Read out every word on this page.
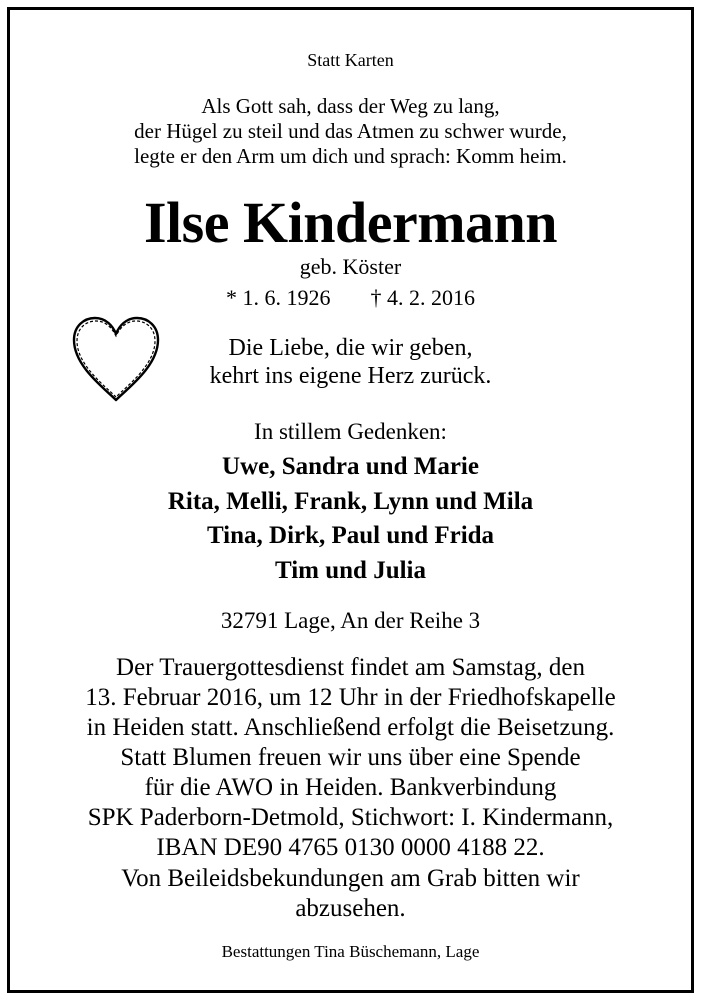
Statt Karten
Als Gott sah, dass der Weg zu lang,
der Hügel zu steil und das Atmen zu schwer wurde,
legte er den Arm um dich und sprach: Komm heim.
Ilse Kindermann
geb. Köster
* 1. 6. 1926 † 4. 2. 2016
Die Liebe, die wir geben,
kehrt ins eigene Herz zurück.
In stillem Gedenken:
Uwe, Sandra und Marie
Rita, Melli, Frank, Lynn und Mila
Tina, Dirk, Paul und Frida
Tim und Julia
32791 Lage, An der Reihe 3
Der Trauergottesdienst findet am Samstag, den
13. Februar 2016, um 12 Uhr in der Friedhofskapelle
in Heiden statt. Anschließend erfolgt die Beisetzung.
Statt Blumen freuen wir uns über eine Spende
für die AWO in Heiden. Bankverbindung
SPK Paderborn-Detmold, Stichwort: I. Kindermann,
IBAN DE90 4765 0130 0000 4188 22.
Von Beileidsbekundungen am Grab bitten wir
abzusehen.
Bestattungen Tina Büschemann, Lage
